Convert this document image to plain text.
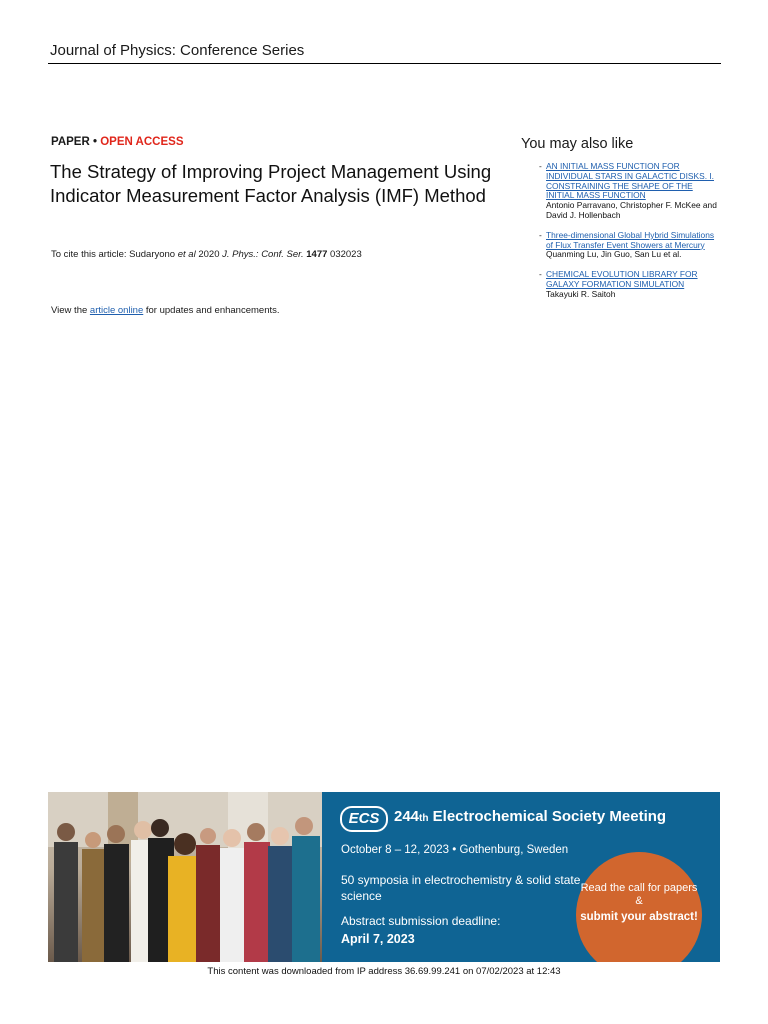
Journal of Physics: Conference Series
PAPER • OPEN ACCESS
The Strategy of Improving Project Management Using Indicator Measurement Factor Analysis (IMF) Method
To cite this article: Sudaryono et al 2020 J. Phys.: Conf. Ser. 1477 032023
View the article online for updates and enhancements.
You may also like
- AN INITIAL MASS FUNCTION FOR INDIVIDUAL STARS IN GALACTIC DISKS. I. CONSTRAINING THE SHAPE OF THE INITIAL MASS FUNCTION
Antonio Parravano, Christopher F. McKee and David J. Hollenbach
- Three-dimensional Global Hybrid Simulations of Flux Transfer Event Showers at Mercury
Quanming Lu, Jin Guo, San Lu et al.
- CHEMICAL EVOLUTION LIBRARY FOR GALAXY FORMATION SIMULATION
Takayuki R. Saitoh
ECS 244th Electrochemical Society Meeting
October 8 – 12, 2023 • Gothenburg, Sweden
50 symposia in electrochemistry & solid state science
Abstract submission deadline:
April 7, 2023
Read the call for papers &
submit your abstract!
This content was downloaded from IP address 36.69.99.241 on 07/02/2023 at 12:43
